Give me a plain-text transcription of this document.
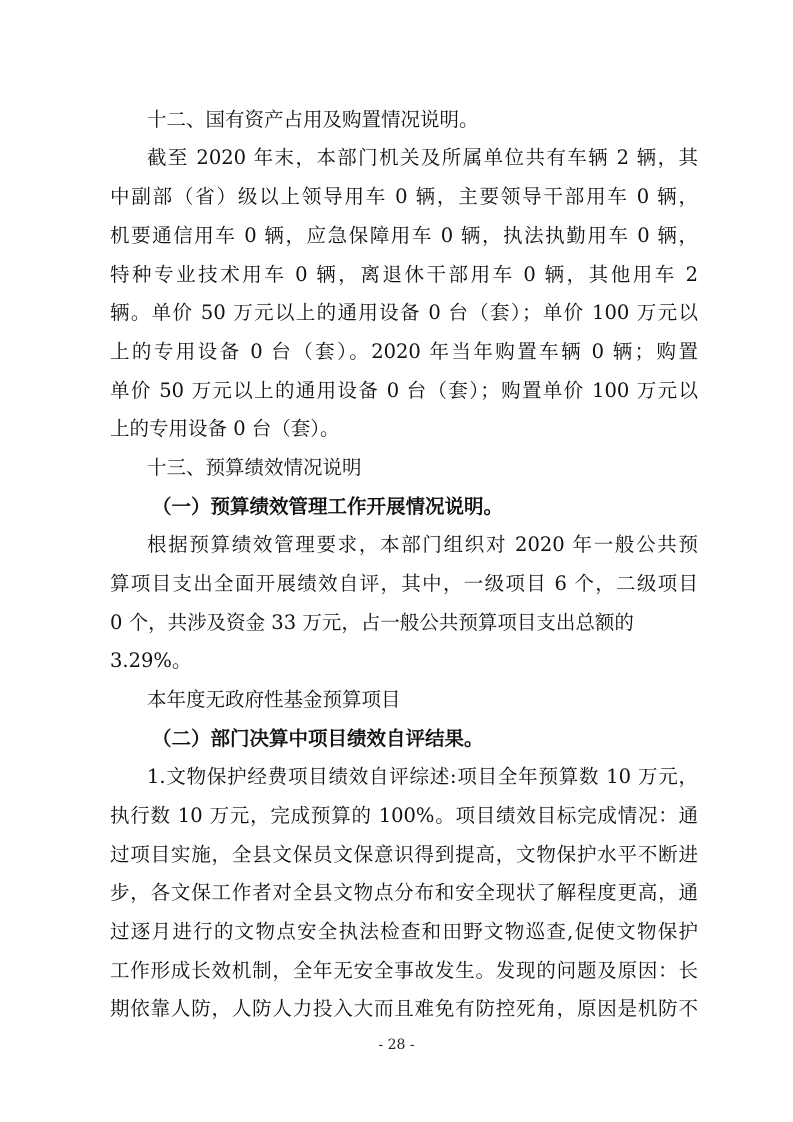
十二、国有资产占用及购置情况说明。
截至 2020 年末，本部门机关及所属单位共有车辆 2 辆，其
中副部（省）级以上领导用车 0 辆，主要领导干部用车 0 辆，
机要通信用车 0 辆，应急保障用车 0 辆，执法执勤用车 0 辆，
特种专业技术用车 0 辆，离退休干部用车 0 辆，其他用车 2
辆。单价 50 万元以上的通用设备 0 台（套）；单价 100 万元以
上的专用设备 0 台（套）。2020 年当年购置车辆 0 辆；购置
单价 50 万元以上的通用设备 0 台（套）；购置单价 100 万元以
上的专用设备 0 台（套）。
十三、预算绩效情况说明
（一）预算绩效管理工作开展情况说明。
根据预算绩效管理要求，本部门组织对 2020 年一般公共预
算项目支出全面开展绩效自评，其中，一级项目 6 个，二级项目
0 个，共涉及资金 33 万元，占一般公共预算项目支出总额的
3.29%。
本年度无政府性基金预算项目
（二）部门决算中项目绩效自评结果。
1.文物保护经费项目绩效自评综述:项目全年预算数 10 万元，
执行数 10 万元，完成预算的 100%。项目绩效目标完成情况：通
过项目实施，全县文保员文保意识得到提高，文物保护水平不断进
步，各文保工作者对全县文物点分布和安全现状了解程度更高，通
过逐月进行的文物点安全执法检查和田野文物巡查,促使文物保护
工作形成长效机制，全年无安全事故发生。发现的问题及原因：长
期依靠人防，人防人力投入大而且难免有防控死角，原因是机防不
- 28 -
